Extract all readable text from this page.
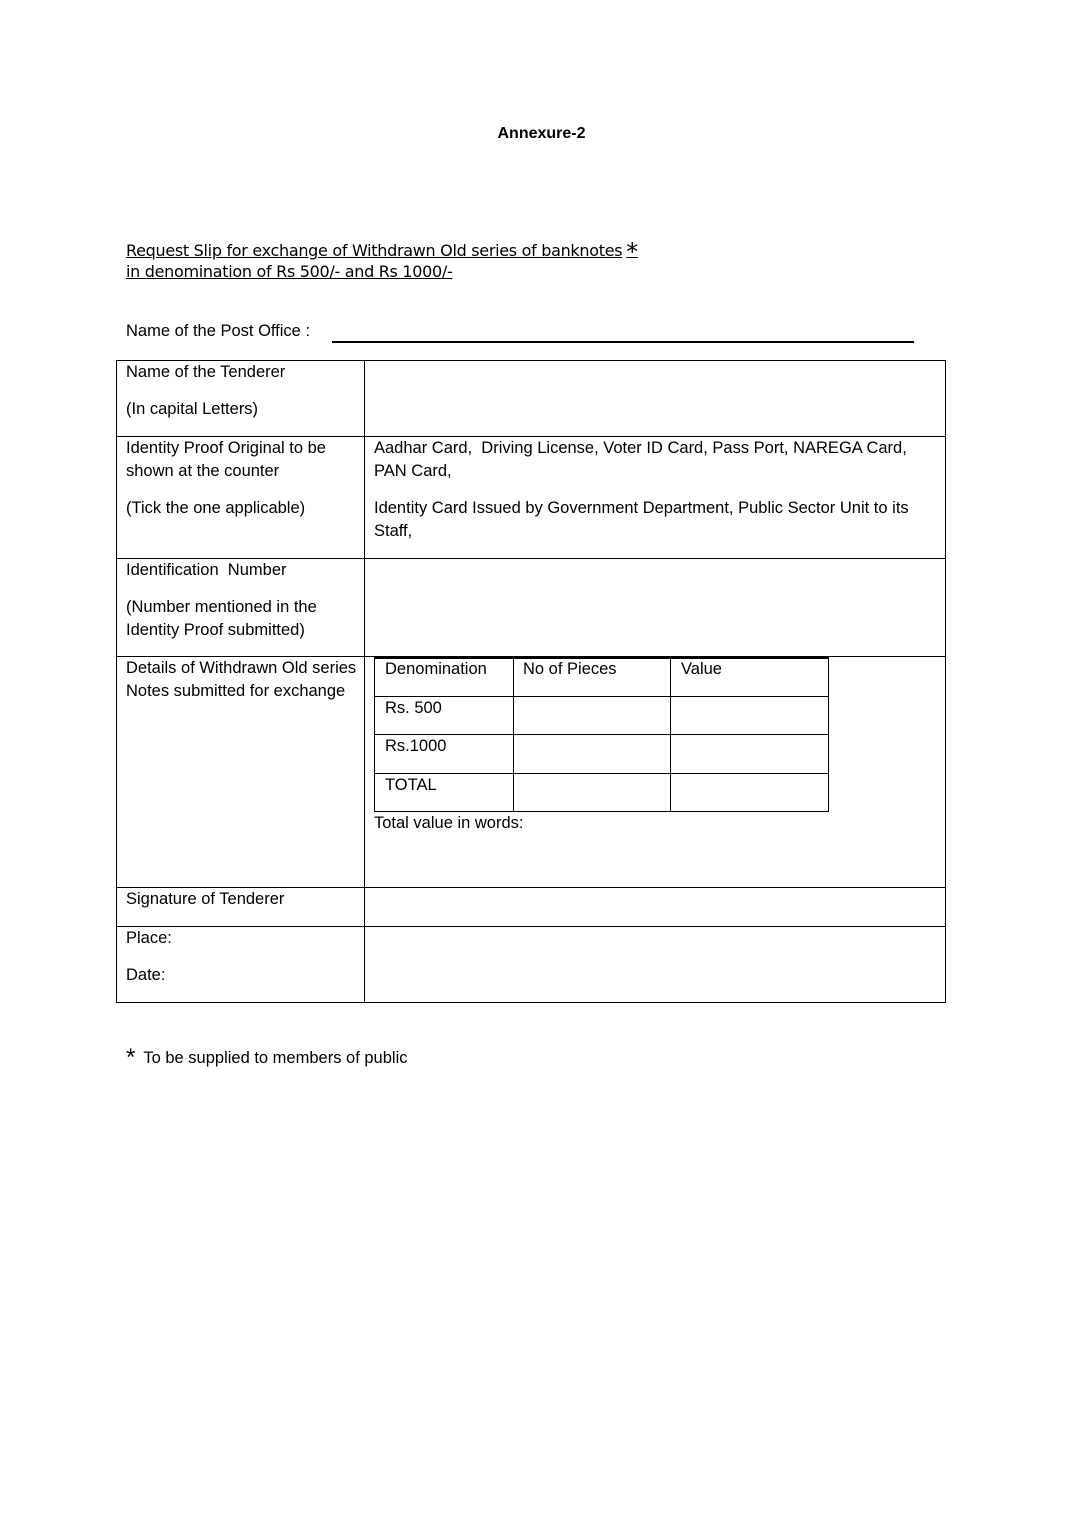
Annexure-2
Request Slip for exchange of Withdrawn Old series of banknotes *
in denomination of Rs 500/- and Rs 1000/-
Name of the Post Office :

Name of the Tenderer

(In capital Letters)

Identity Proof Original to be shown at the counter

(Tick the one applicable)

Aadhar Card,  Driving License, Voter ID Card, Pass Port, NAREGA Card, PAN Card,

Identity Card Issued by Government Department, Public Sector Unit to its Staff,

Identification  Number

(Number mentioned in the Identity Proof submitted)

Details of Withdrawn Old series Notes submitted for exchange

Denomination No of Pieces	Value
Rs. 500
Rs.1000
TOTAL
Total value in words:

Signature of Tenderer

Place:

Date:

* To be supplied to members of public
